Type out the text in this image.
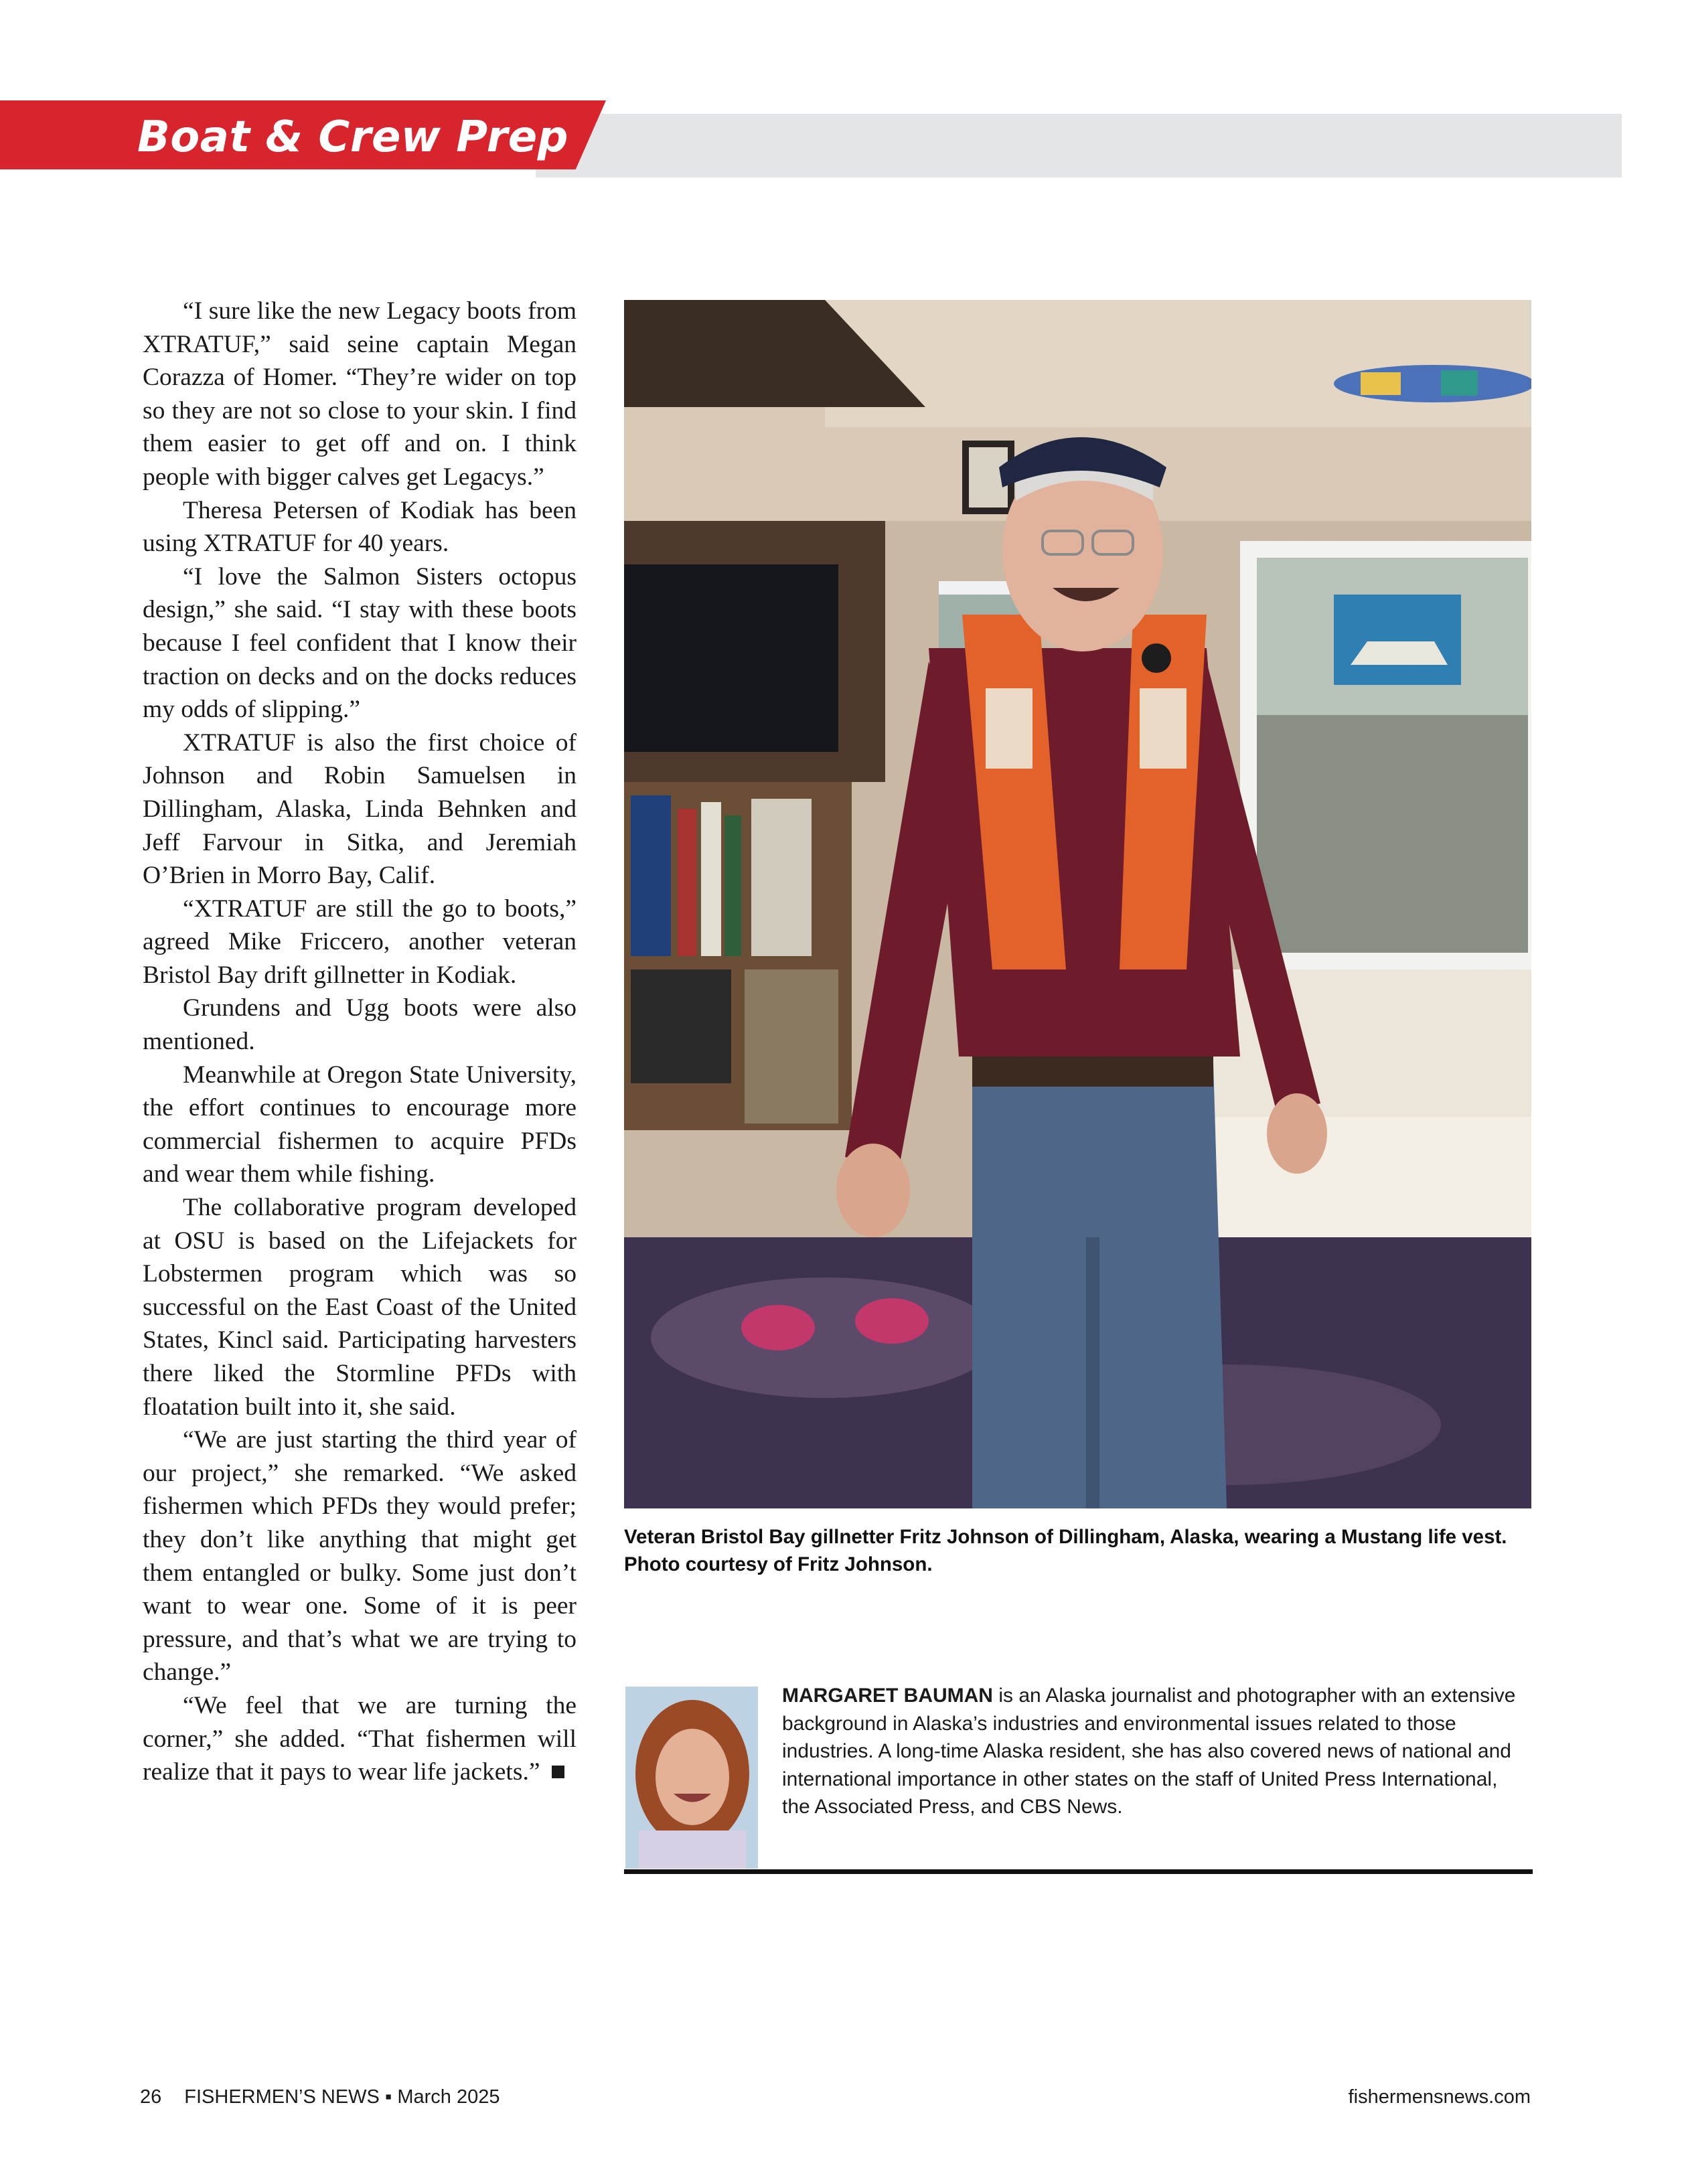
Boat & Crew Prep

“I sure like the new Legacy boots from XTRATUF,” said seine captain Megan Corazza of Homer. “They’re wider on top so they are not so close to your skin. I find them easier to get off and on. I think people with bigger calves get Legacys.”

Theresa Petersen of Kodiak has been using XTRATUF for 40 years.

“I love the Salmon Sisters octopus design,” she said. “I stay with these boots because I feel confident that I know their traction on decks and on the docks reduces my odds of slipping.”

XTRATUF is also the first choice of Johnson and Robin Samuelsen in Dillingham, Alaska, Linda Behnken and Jeff Farvour in Sitka, and Jeremiah O’Brien in Morro Bay, Calif.

“XTRATUF are still the go to boots,” agreed Mike Friccero, another veteran Bristol Bay drift gillnetter in Kodiak.

Grundens and Ugg boots were also mentioned.

Meanwhile at Oregon State University, the effort continues to encourage more commercial fishermen to acquire PFDs and wear them while fishing.

The collaborative program developed at OSU is based on the Lifejackets for Lobstermen program which was so successful on the East Coast of the United States, Kincl said. Participating harvesters there liked the Stormline PFDs with floatation built into it, she said.

“We are just starting the third year of our project,” she remarked. “We asked fishermen which PFDs they would prefer; they don’t like anything that might get them entangled or bulky. Some just don’t want to wear one. Some of it is peer pressure, and that’s what we are trying to change.”

“We feel that we are turning the corner,” she added. “That fishermen will realize that it pays to wear life jackets.”

Veteran Bristol Bay gillnetter Fritz Johnson of Dillingham, Alaska, wearing a Mustang life vest.
Photo courtesy of Fritz Johnson.
MARGARET BAUMAN is an Alaska journalist and photographer with an extensive background in Alaska’s industries and environmental issues related to those industries. A long-time Alaska resident, she has also covered news of national and international importance in other states on the staff of United Press International, the Associated Press, and CBS News.
26 FISHERMEN’S NEWS ▪ March 2025	fishermensnews.com
